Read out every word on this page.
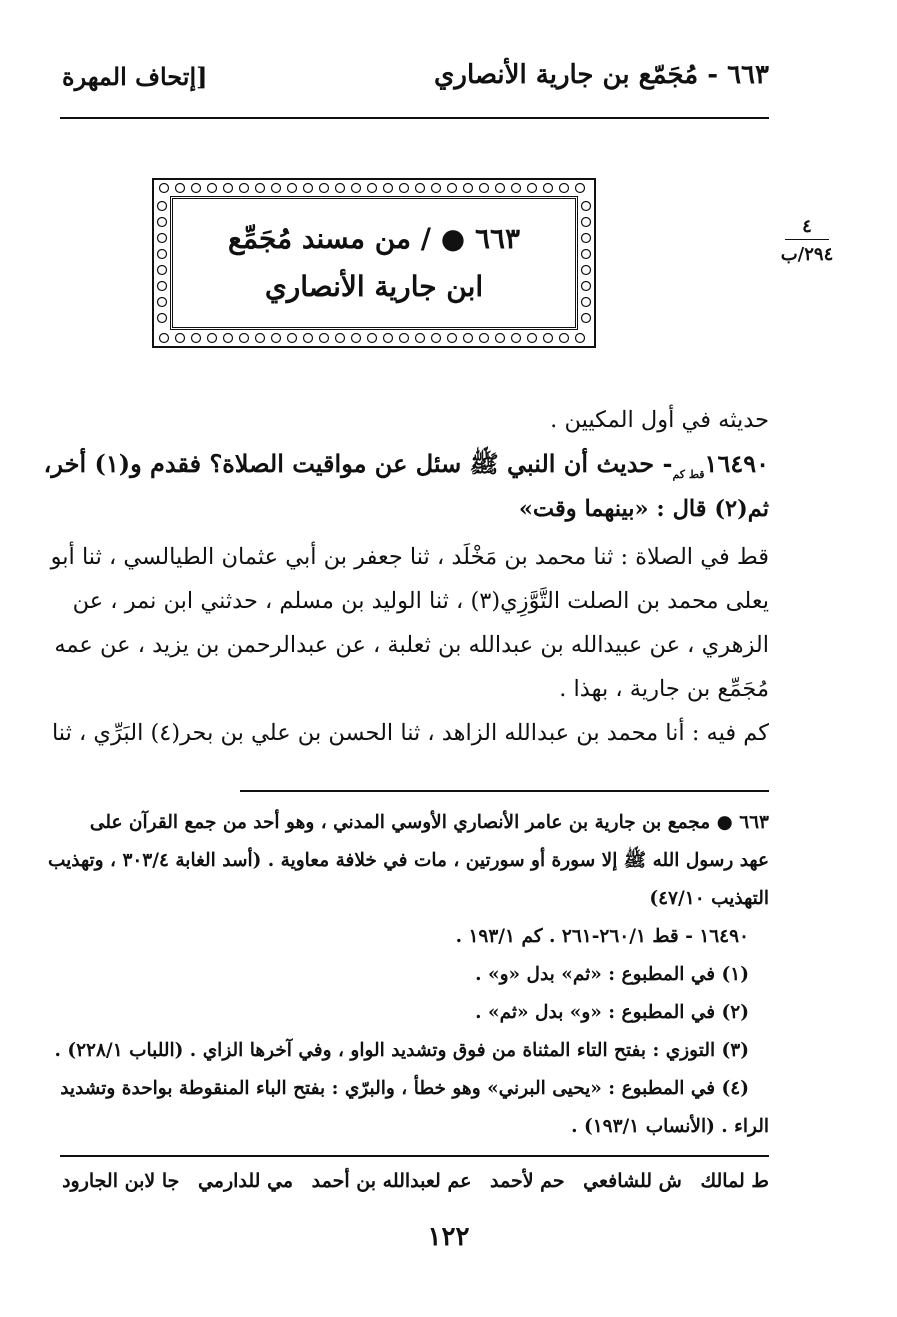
٦٦٣ - مُجَمّع بن جارية الأنصاري
[إتحاف المهرة
٦٦٣ ● / من مسند مُجَمِّع
ابن جارية الأنصاري
٤
٢٩٤/ب
حديثه في أول المكيين .
$١٦٤٩٠_{قط كم}-$ حديث أن النبي ﷺ سئل عن مواقيت الصلاة؟ فقدم و(١) أخر،
ثم(٢) قال : «بينهما وقت»
قط في الصلاة : ثنا محمد بن مَخْلَد ، ثنا جعفر بن أبي عثمان الطيالسي ، ثنا أبو
يعلى محمد بن الصلت التَّوَّزِي(٣) ، ثنا الوليد بن مسلم ، حدثني ابن نمر ، عن
الزهري ، عن عبيدالله بن عبدالله بن ثعلبة ، عن عبدالرحمن بن يزيد ، عن عمه
مُجَمِّع بن جارية ، بهذا .
كم فيه : أنا محمد بن عبدالله الزاهد ، ثنا الحسن بن علي بن بحر(٤) البَرِّي ، ثنا
٦٦٣ ● مجمع بن جارية بن عامر الأنصاري الأوسي المدني ، وهو أحد من جمع القرآن على
عهد رسول الله ﷺ إلا سورة أو سورتين ، مات في خلافة معاوية . (أسد الغابة ٣٠٣/٤ ، وتهذيب
التهذيب ٤٧/١٠)
١٦٤٩٠ - قط ٢٦٠/١-٢٦١ . كم ١٩٣/١ .
(١) في المطبوع : «ثم» بدل «و» .
(٢) في المطبوع : «و» بدل «ثم» .
(٣) التوزي : بفتح التاء المثناة من فوق وتشديد الواو ، وفي آخرها الزاي . (اللباب ٢٢٨/١) .
(٤) في المطبوع : «يحيى البرني» وهو خطأ ، والبرّي : بفتح الباء المنقوطة بواحدة وتشديد
الراء . (الأنساب ١٩٣/١) .
ط لمالك
ش للشافعي
حم لأحمد
عم لعبدالله بن أحمد
مي للدارمي
جا لابن الجارود
١٢٢
